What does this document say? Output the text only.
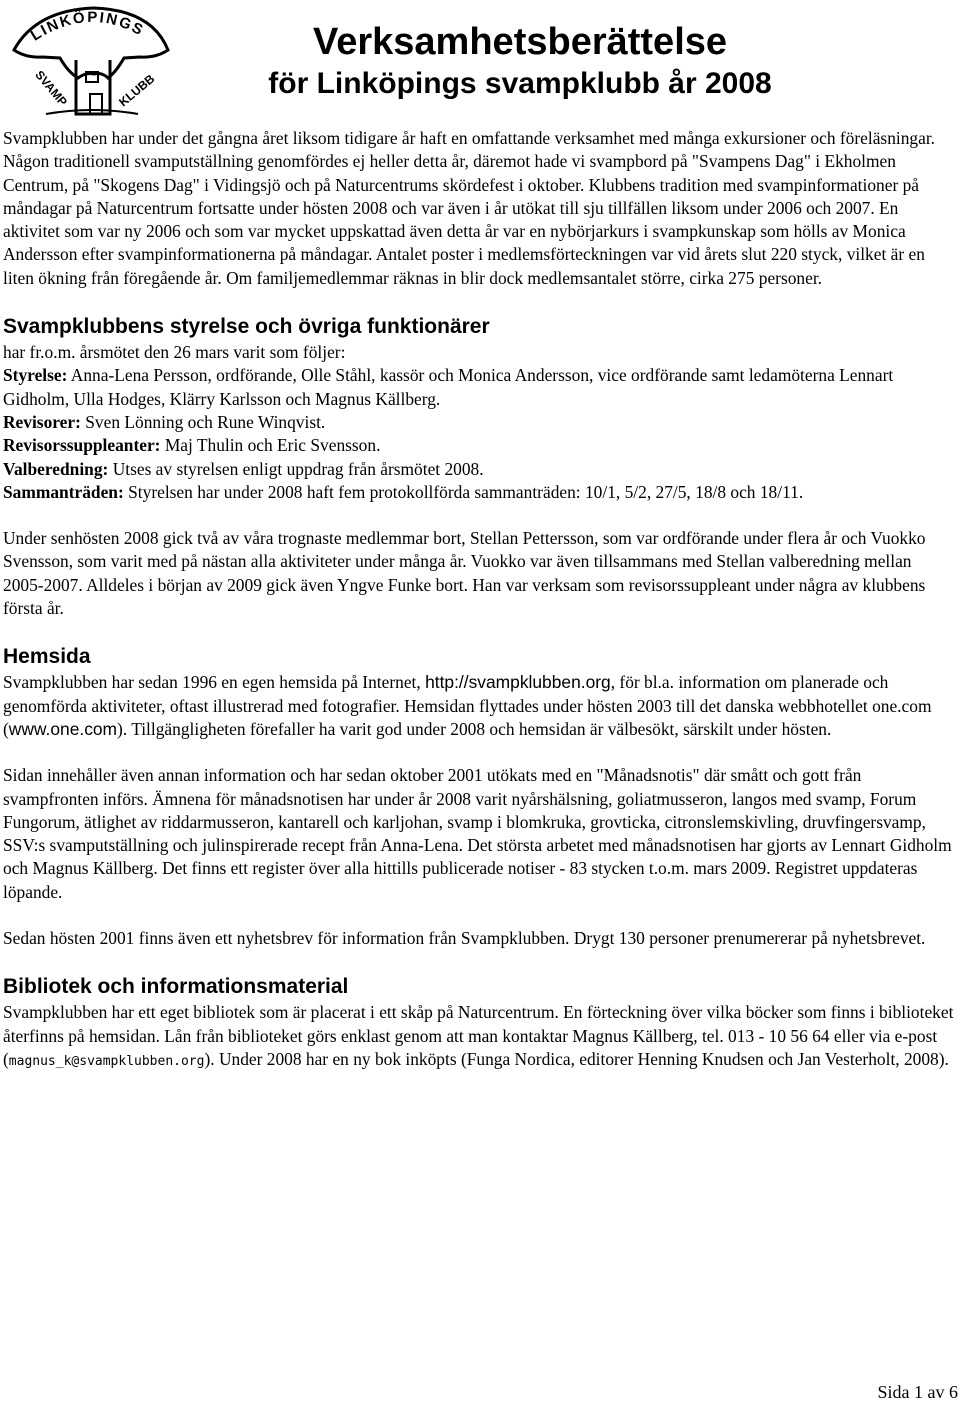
LINKÖPINGS
SVAMP	KLUBB
Verksamhetsberättelse
för Linköpings svampklubb år 2008

Svampklubben har under det gångna året liksom tidigare år haft en omfattande verksamhet med många exkursioner och föreläsningar. Någon traditionell svamputställning genomfördes ej heller detta år, däremot hade vi svampbord på "Svampens Dag" i Ekholmen Centrum, på "Skogens Dag" i Vidingsjö och på Naturcentrums skördefest i oktober. Klubbens tradition med svampinformationer på måndagar på Naturcentrum fortsatte under hösten 2008 och var även i år utökat till sju tillfällen liksom under 2006 och 2007. En aktivitet som var ny 2006 och som var mycket uppskattad även detta år var en nybörjarkurs i svampkunskap som hölls av Monica Andersson efter svampinformationerna på måndagar. Antalet poster i medlemsförteckningen var vid årets slut 220 styck, vilket är en liten ökning från föregående år. Om familjemedlemmar räknas in blir dock medlemsantalet större, cirka 275 personer.

Svampklubbens styrelse och övriga funktionärer

har fr.o.m. årsmötet den 26 mars varit som följer:

Styrelse: Anna-Lena Persson, ordförande, Olle Ståhl, kassör och Monica Andersson, vice ordförande samt ledamöterna Lennart Gidholm, Ulla Hodges, Klärry Karlsson och Magnus Källberg.

Revisorer: Sven Lönning och Rune Winqvist.

Revisorssuppleanter: Maj Thulin och Eric Svensson.

Valberedning: Utses av styrelsen enligt uppdrag från årsmötet 2008.

Sammanträden: Styrelsen har under 2008 haft fem protokollförda sammanträden: 10/1, 5/2, 27/5, 18/8 och 18/11.

Under senhösten 2008 gick två av våra trognaste medlemmar bort, Stellan Pettersson, som var ordförande under flera år och Vuokko Svensson, som varit med på nästan alla aktiviteter under många år. Vuokko var även tillsammans med Stellan valberedning mellan 2005-2007. Alldeles i början av 2009 gick även Yngve Funke bort. Han var verksam som revisorssuppleant under några av klubbens första år.

Hemsida

Svampklubben har sedan 1996 en egen hemsida på Internet, http://svampklubben.org, för bl.a. information om planerade och genomförda aktiviteter, oftast illustrerad med fotografier. Hemsidan flyttades under hösten 2003 till det danska webbhotellet one.com (www.one.com). Tillgängligheten förefaller ha varit god under 2008 och hemsidan är välbesökt, särskilt under hösten.

Sidan innehåller även annan information och har sedan oktober 2001 utökats med en "Månadsnotis" där smått och gott från svampfronten införs. Ämnena för månadsnotisen har under år 2008 varit nyårshälsning, goliatmusseron, langos med svamp, Forum Fungorum, ätlighet av riddarmusseron, kantarell och karljohan, svamp i blomkruka, grovticka, citronslemskivling, druvfingersvamp, SSV:s svamputställning och julinspirerade recept från Anna-Lena. Det största arbetet med månadsnotisen har gjorts av Lennart Gidholm och Magnus Källberg. Det finns ett register över alla hittills publicerade notiser - 83 stycken t.o.m. mars 2009. Registret uppdateras löpande.

Sedan hösten 2001 finns även ett nyhetsbrev för information från Svampklubben. Drygt 130 personer prenumererar på nyhetsbrevet.

Bibliotek och informationsmaterial

Svampklubben har ett eget bibliotek som är placerat i ett skåp på Naturcentrum. En förteckning över vilka böcker som finns i biblioteket återfinns på hemsidan. Lån från biblioteket görs enklast genom att man kontaktar Magnus Källberg, tel. 013 - 10 56 64 eller via e-post (magnus_k@svampklubben.org). Under 2008 har en ny bok inköpts (Funga Nordica, editorer Henning Knudsen och Jan Vesterholt, 2008).

Sida 1 av 6
